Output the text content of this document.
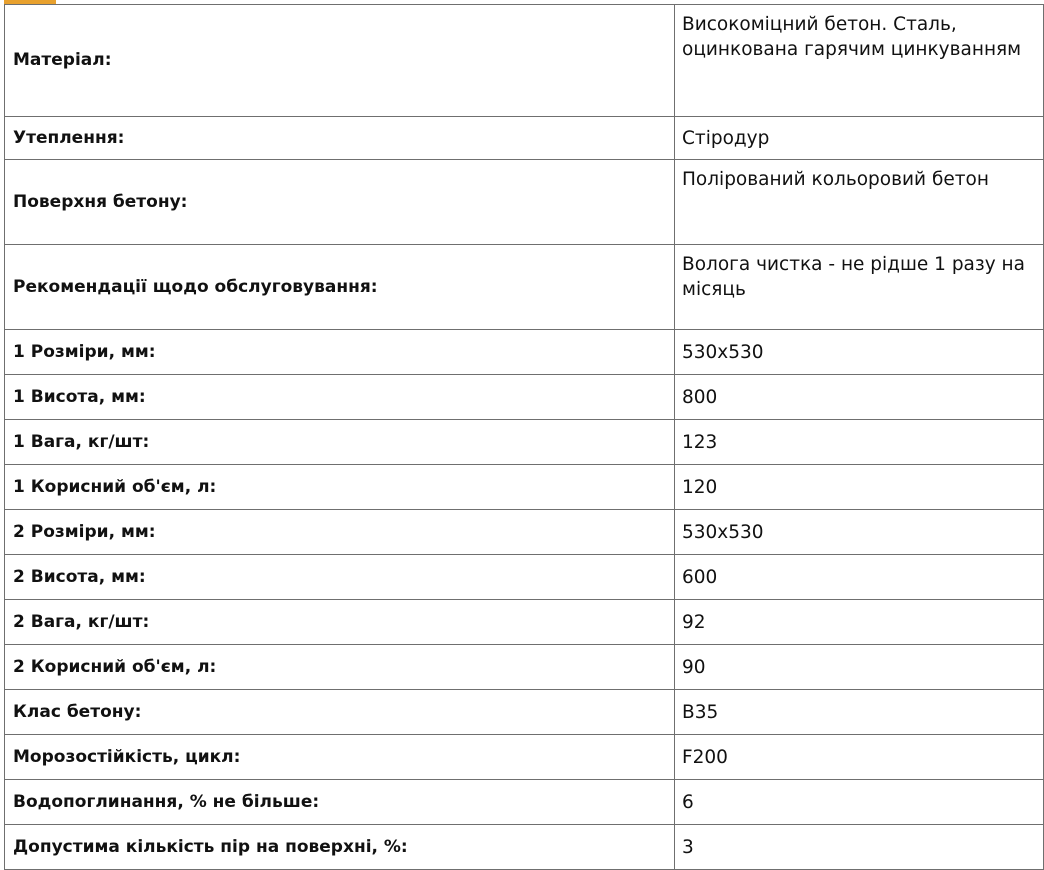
Матеріал:	Високоміцний бетон. Сталь, оцинкована гарячим цинкуванням
Утеплення:	Стіродур
Поверхня бетону:	Полірований кольоровий бетон
Рекомендації щодо обслуговування:	Волога чистка - не рідше 1 разу на місяць
1 Розміри, мм:	530x530
1 Висота, мм:	800
1 Вага, кг/шт:	123
1 Корисний об'єм, л:	120
2 Розміри, мм:	530x530
2 Висота, мм:	600
2 Вага, кг/шт:	92
2 Корисний об'єм, л:	90
Клас бетону:	B35
Морозостійкість, цикл:	F200
Водопоглинання, % не більше:	6
Допустима кількість пір на поверхні, %:	3
